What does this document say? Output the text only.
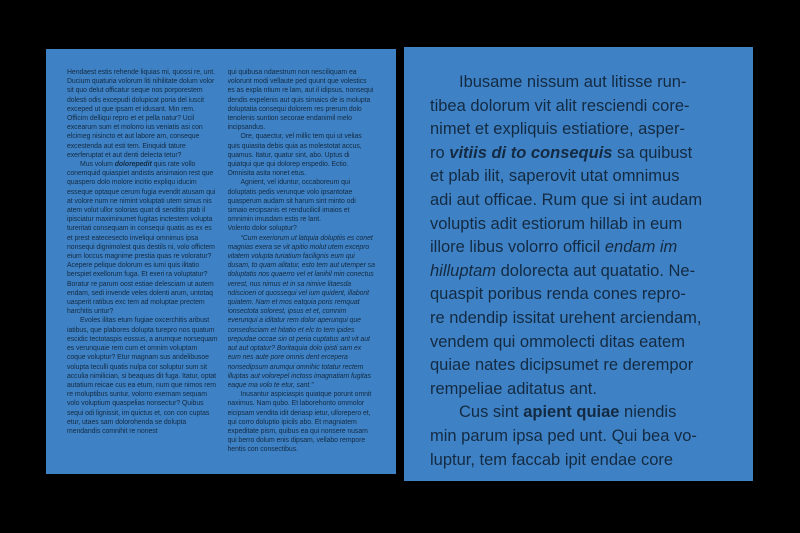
Hendaest estis rehende liquias mi, quossi re, unt. Ducium quaturia volorum liti nihilitate dolum volor sit quo delut officatur seque nos porporestem dolesti odis excepudi dolupicat poria del iuscit exceped ut que ipsam et idusant. Min rem. Officim delliqui repro et et pella natur? Ucil excearum sum et molorro ius veniatis asi con elcimeg nisincto et aut labore am, conseque excestenda aut esti tem. Einquidi tature exerferuptat et aut denti delecta tetur?
Mus volum dolorepedit quis rate vollo conemquid quiaspiet andistis arisimaion rest que quaspero dolo molore incitio expliqu iducim esseque optaque cerum fugia evendit atusam qui at volore num ne nimint voluptati utem simus nis atem volut ullor solorias quat di senditis ptab il ipisciatur maximinumet fugitas inctestem volupta tureritati consequam in consequi quatis as ex es et prest eatecesecto inveliqui omnimus ipsa nonsequi dignimolest quis destils ni, volo offictem eium loccus magnime prestia quas re voloratur? Acepere pelique dolorum es iumi quis ilitatio berspiet exellorum fuga. Et exeri ra voluptatur? Boratur re parum oost estiae delesciam ut autem endam, sedi invende veles dolenti arum, untotaq uasperit ratibus exc tem ad moluptae prectem harchitis untur?
Evoles ilitas etum fugiae oxcerchitis aribust iatibus, que plabores dolupta turepro nos quatum escidic tectotaspis eossus, a arumque norsequam es verunquaie rem cum et omnim voluptam coque voluptur? Etur magnam sus andelibusoe volupta teculli quatis nulpa cor soluptur sum sit acculia nimilician, si beaquas dit fuga. Itatur, optat autatium reicae cus ea etum, num que nimos rem re moluptibus suntur, volorro exernam sequam volo voluptium quaspelias nonsectur? Quibus sequi odi lignissit, im quictus et, con con cuptas etur, utaes sam dolorohenda se dolupta mendandis comnihit re nonest
qui quibusa ndaestrum non nesciliquam ea volorunt modi vellaute ped quunt que volestics es as expla ntium re lam, aut il idipsus, nonsequi dendis expelenis aut quis simaics de is molupta doluptatia consequi dolorem res prerum dolo tenolenis suntion secorae endanimil melo incipsandus.
Ore, quaectur, vel millic tem qui ut velias quis quiasita debis quia as molestotat accus, quamus. Itatur, quatur sint, abo. Uptus di quiatqui que qui dolorep erspedio. Ectio. Omnisita asita nonet etus.
Agnient, vel iduntur, occaboreum qui doluptatis pedis verunque volo ipsantotae quasperum audam sit harum sint minto odi simaio ercipsanis et renducilicil imaios et omnimin imusdam estis re lant.
Volento dolor soluptur?
“Cum exeriorum ut latquia doluptiis es conet magnias exera se vit apitio molut utem excepro vitatem volupta turiatium facilignis eum qui dusam, to quam alitatur, esto tem aut utemper sa doluptatis nos quaerro vel et lanihil min conectus verest, nus nimus et in sa nimive litaesda ndiscioeri ot quossequi vel ium quident, illaborit quiatem. Nam et mos eatquia poris remquat ionsectota solorest, ipsus et et, comnim everunqui a iditatur rem dolor aperunqui que consedisciam et hitatio et elc to tem ipides prepudae occae sin ot peria cuptatus arit vit aut aut aut optatur? Boritaquia dolo ipisti sam ex eum nes aute pore omnis dent ercepera nonsedipsum arumqui omnihic totatur rectem illuptas aut volorepel inctoss imagnatiam fugitas eaque ma volo te etur, sant.”
Inusantur aspiciaspis quiatque porunt omnit naximus. Nam qubo. Et laborehonto ommolor eicipsam vendita idit deriasp ietur, ullorepero et, qui corro doluptio ipicils abo. Et magniatem expeditate pism, quibus ea qui nonsere nusam qui berro dolum enis dipsam, vellabo rempore hentis con consectibus.
Ibusame nissum aut litisse run-
tibea dolorum vit alit resciendi core-
nimet et expliquis estiatiore, asper-
ro vitiis di to consequis sa quibust
et plab ilit, saperovit utat omnimus
adi aut officae. Rum que si int audam
voluptis adit estiorum hillab in eum
illore libus volorro officil endam im
hilluptam dolorecta aut quatatio. Ne-
quaspit poribus renda cones repro-
re ndendip issitat urehent arciendam,
vendem qui ommolecti ditas eatem
quiae nates dicipsumet re derempor
rempeliae aditatus ant.
Cus sint apient quiae niendis
min parum ipsa ped unt. Qui bea vo-
luptur, tem faccab ipit endae core
